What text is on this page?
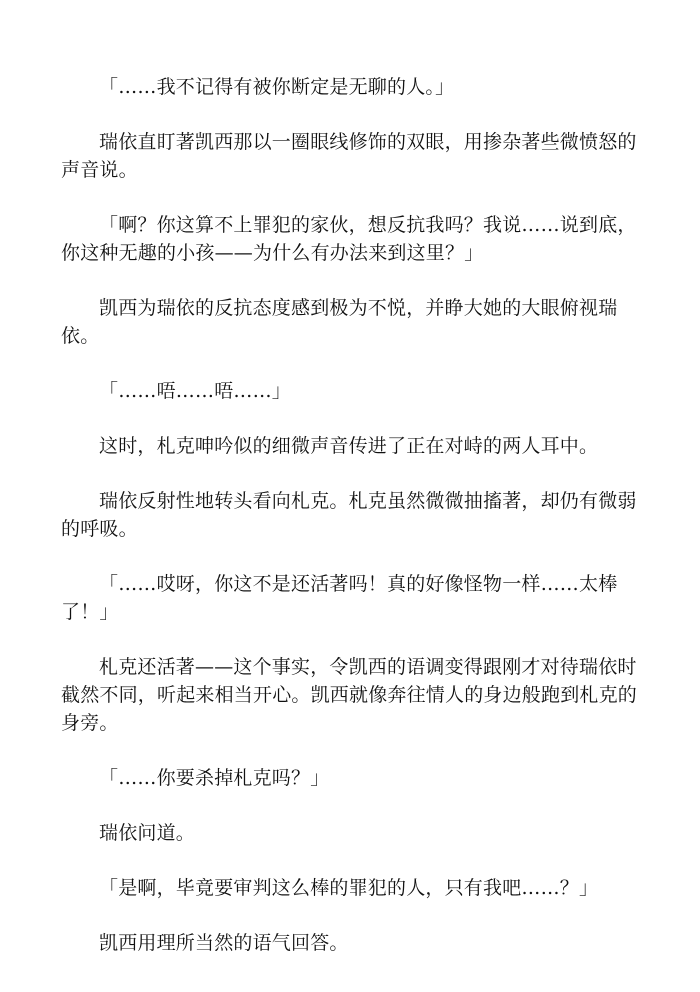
「……我不记得有被你断定是无聊的人。」

瑞依直盯著凯西那以一圈眼线修饰的双眼，用掺杂著些微愤怒的声音说。

「啊？你这算不上罪犯的家伙，想反抗我吗？我说……说到底，你这种无趣的小孩——为什么有办法来到这里？」

凯西为瑞依的反抗态度感到极为不悦，并睁大她的大眼俯视瑞依。

「……唔……唔……」

这时，札克呻吟似的细微声音传进了正在对峙的两人耳中。

瑞依反射性地转头看向札克。札克虽然微微抽搐著，却仍有微弱的呼吸。

「……哎呀，你这不是还活著吗！真的好像怪物一样……太棒了！」

札克还活著——这个事实，令凯西的语调变得跟刚才对待瑞依时截然不同，听起来相当开心。凯西就像奔往情人的身边般跑到札克的身旁。

「……你要杀掉札克吗？」

瑞依问道。

「是啊，毕竟要审判这么棒的罪犯的人，只有我吧……？」

凯西用理所当然的语气回答。
